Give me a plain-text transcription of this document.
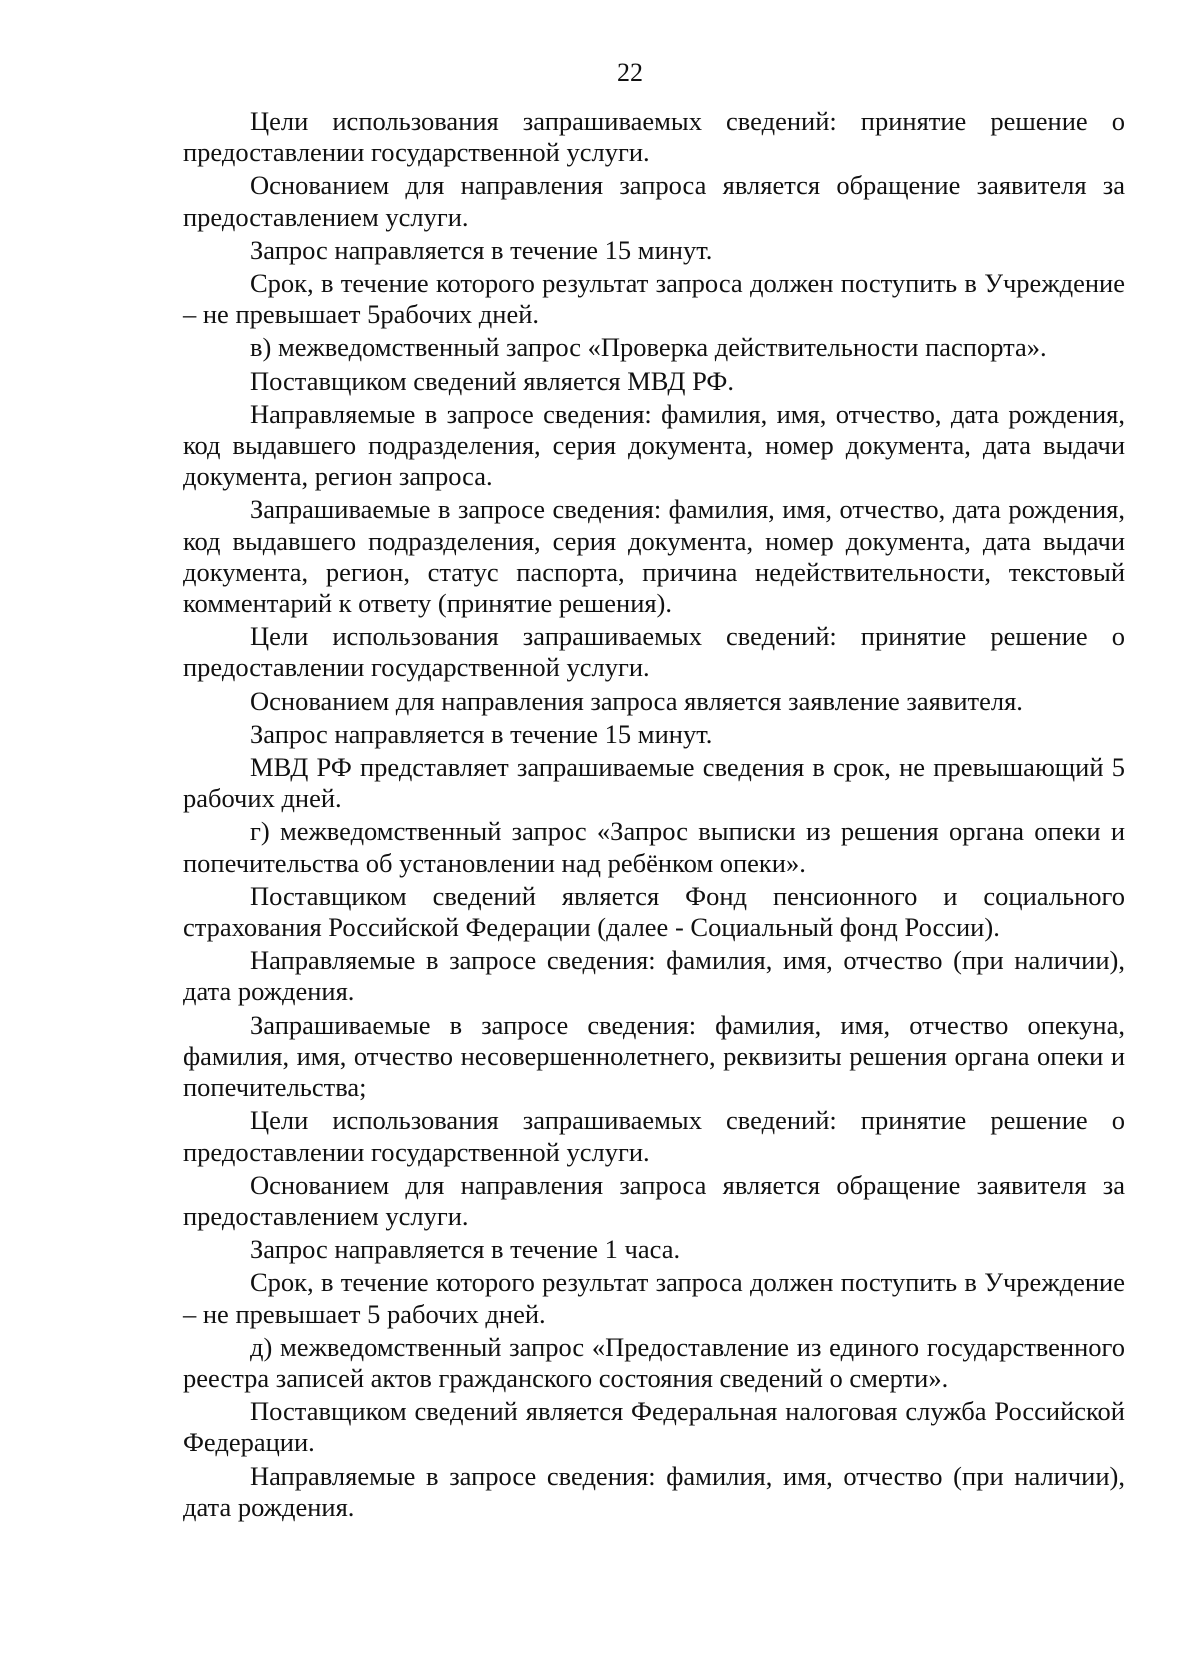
22

Цели использования запрашиваемых сведений: принятие решение о предоставлении государственной услуги.

Основанием для направления запроса является обращение заявителя за предоставлением услуги.

Запрос направляется в течение 15 минут.

Срок, в течение которого результат запроса должен поступить в Учреждение – не превышает 5рабочих дней.

в) межведомственный запрос «Проверка действительности паспорта».

Поставщиком сведений является МВД РФ.

Направляемые в запросе сведения: фамилия, имя, отчество, дата рождения, код выдавшего подразделения, серия документа, номер документа, дата выдачи документа, регион запроса.

Запрашиваемые в запросе сведения: фамилия, имя, отчество, дата рождения, код выдавшего подразделения, серия документа, номер документа, дата выдачи документа, регион, статус паспорта, причина недействительности, текстовый комментарий к ответу (принятие решения).

Цели использования запрашиваемых сведений: принятие решение о предоставлении государственной услуги.

Основанием для направления запроса является заявление заявителя.

Запрос направляется в течение 15 минут.

МВД РФ представляет запрашиваемые сведения в срок, не превышающий 5 рабочих дней.

г) межведомственный запрос «Запрос выписки из решения органа опеки и попечительства об установлении над ребёнком опеки».

Поставщиком сведений является Фонд пенсионного и социального страхования Российской Федерации (далее - Социальный фонд России).

Направляемые в запросе сведения: фамилия, имя, отчество (при наличии), дата рождения.

Запрашиваемые в запросе сведения: фамилия, имя, отчество опекуна, фамилия, имя, отчество несовершеннолетнего, реквизиты решения органа опеки и попечительства;

Цели использования запрашиваемых сведений: принятие решение о предоставлении государственной услуги.

Основанием для направления запроса является обращение заявителя за предоставлением услуги.

Запрос направляется в течение 1 часа.

Срок, в течение которого результат запроса должен поступить в Учреждение – не превышает 5 рабочих дней.

д) межведомственный запрос «Предоставление из единого государственного реестра записей актов гражданского состояния сведений о смерти».

Поставщиком сведений является Федеральная налоговая служба Российской Федерации.

Направляемые в запросе сведения: фамилия, имя, отчество (при наличии), дата рождения.
